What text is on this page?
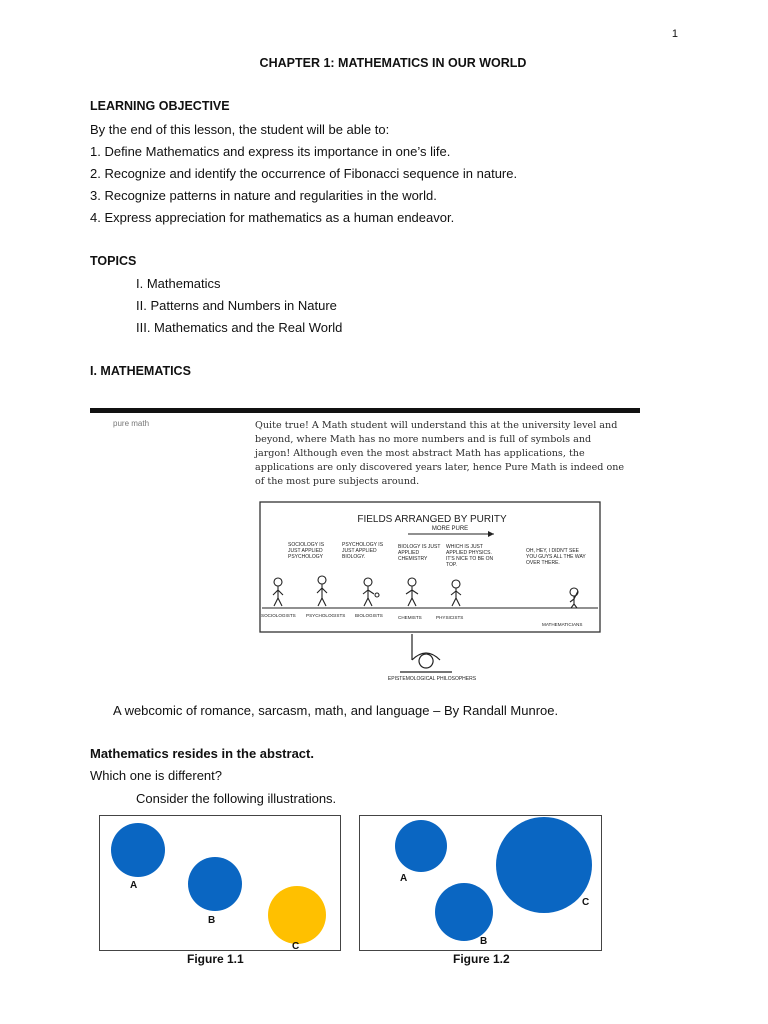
1
CHAPTER 1: MATHEMATICS IN OUR WORLD
LEARNING OBJECTIVE
By the end of this lesson, the student will be able to:
1. Define Mathematics and express its importance in one’s life.
2. Recognize and identify the occurrence of Fibonacci sequence in nature.
3. Recognize patterns in nature and regularities in the world.
4. Express appreciation for mathematics as a human endeavor.
TOPICS
I. Mathematics
II. Patterns and Numbers in Nature
III. Mathematics and the Real World
I. MATHEMATICS
pure math	Quite true! A Math student will understand this at the university level and beyond, where Math has no more numbers and is full of symbols and jargon! Although even the most abstract Math has applications, the applications are only discovered years later, hence Pure Math is indeed one of the most pure subjects around.
FIELDS ARRANGED BY PURITY
MORE PURE
SOCIOLOGY IS JUST APPLIED PSYCHOLOGY
PSYCHOLOGY IS JUST APPLIED BIOLOGY.
BIOLOGY IS JUST APPLIED CHEMISTRY
WHICH IS JUST APPLIED PHYSICS. IT'S NICE TO BE ON TOP.
OH, HEY, I DIDN'T SEE YOU GUYS ALL THE WAY OVER THERE.
SOCIOLOGISTS PSYCHOLOGISTS BIOLOGISTS	CHEMISTS	PHYSICISTS
MATHEMATICIANS
EPISTEMOLOGICAL PHILOSOPHERS
A webcomic of romance, sarcasm, math, and language – By Randall Munroe.
Mathematics resides in the abstract.
Which one is different?
Consider the following illustrations.
A
B
C
Figure 1.1
A
C
B
Figure 1.2
